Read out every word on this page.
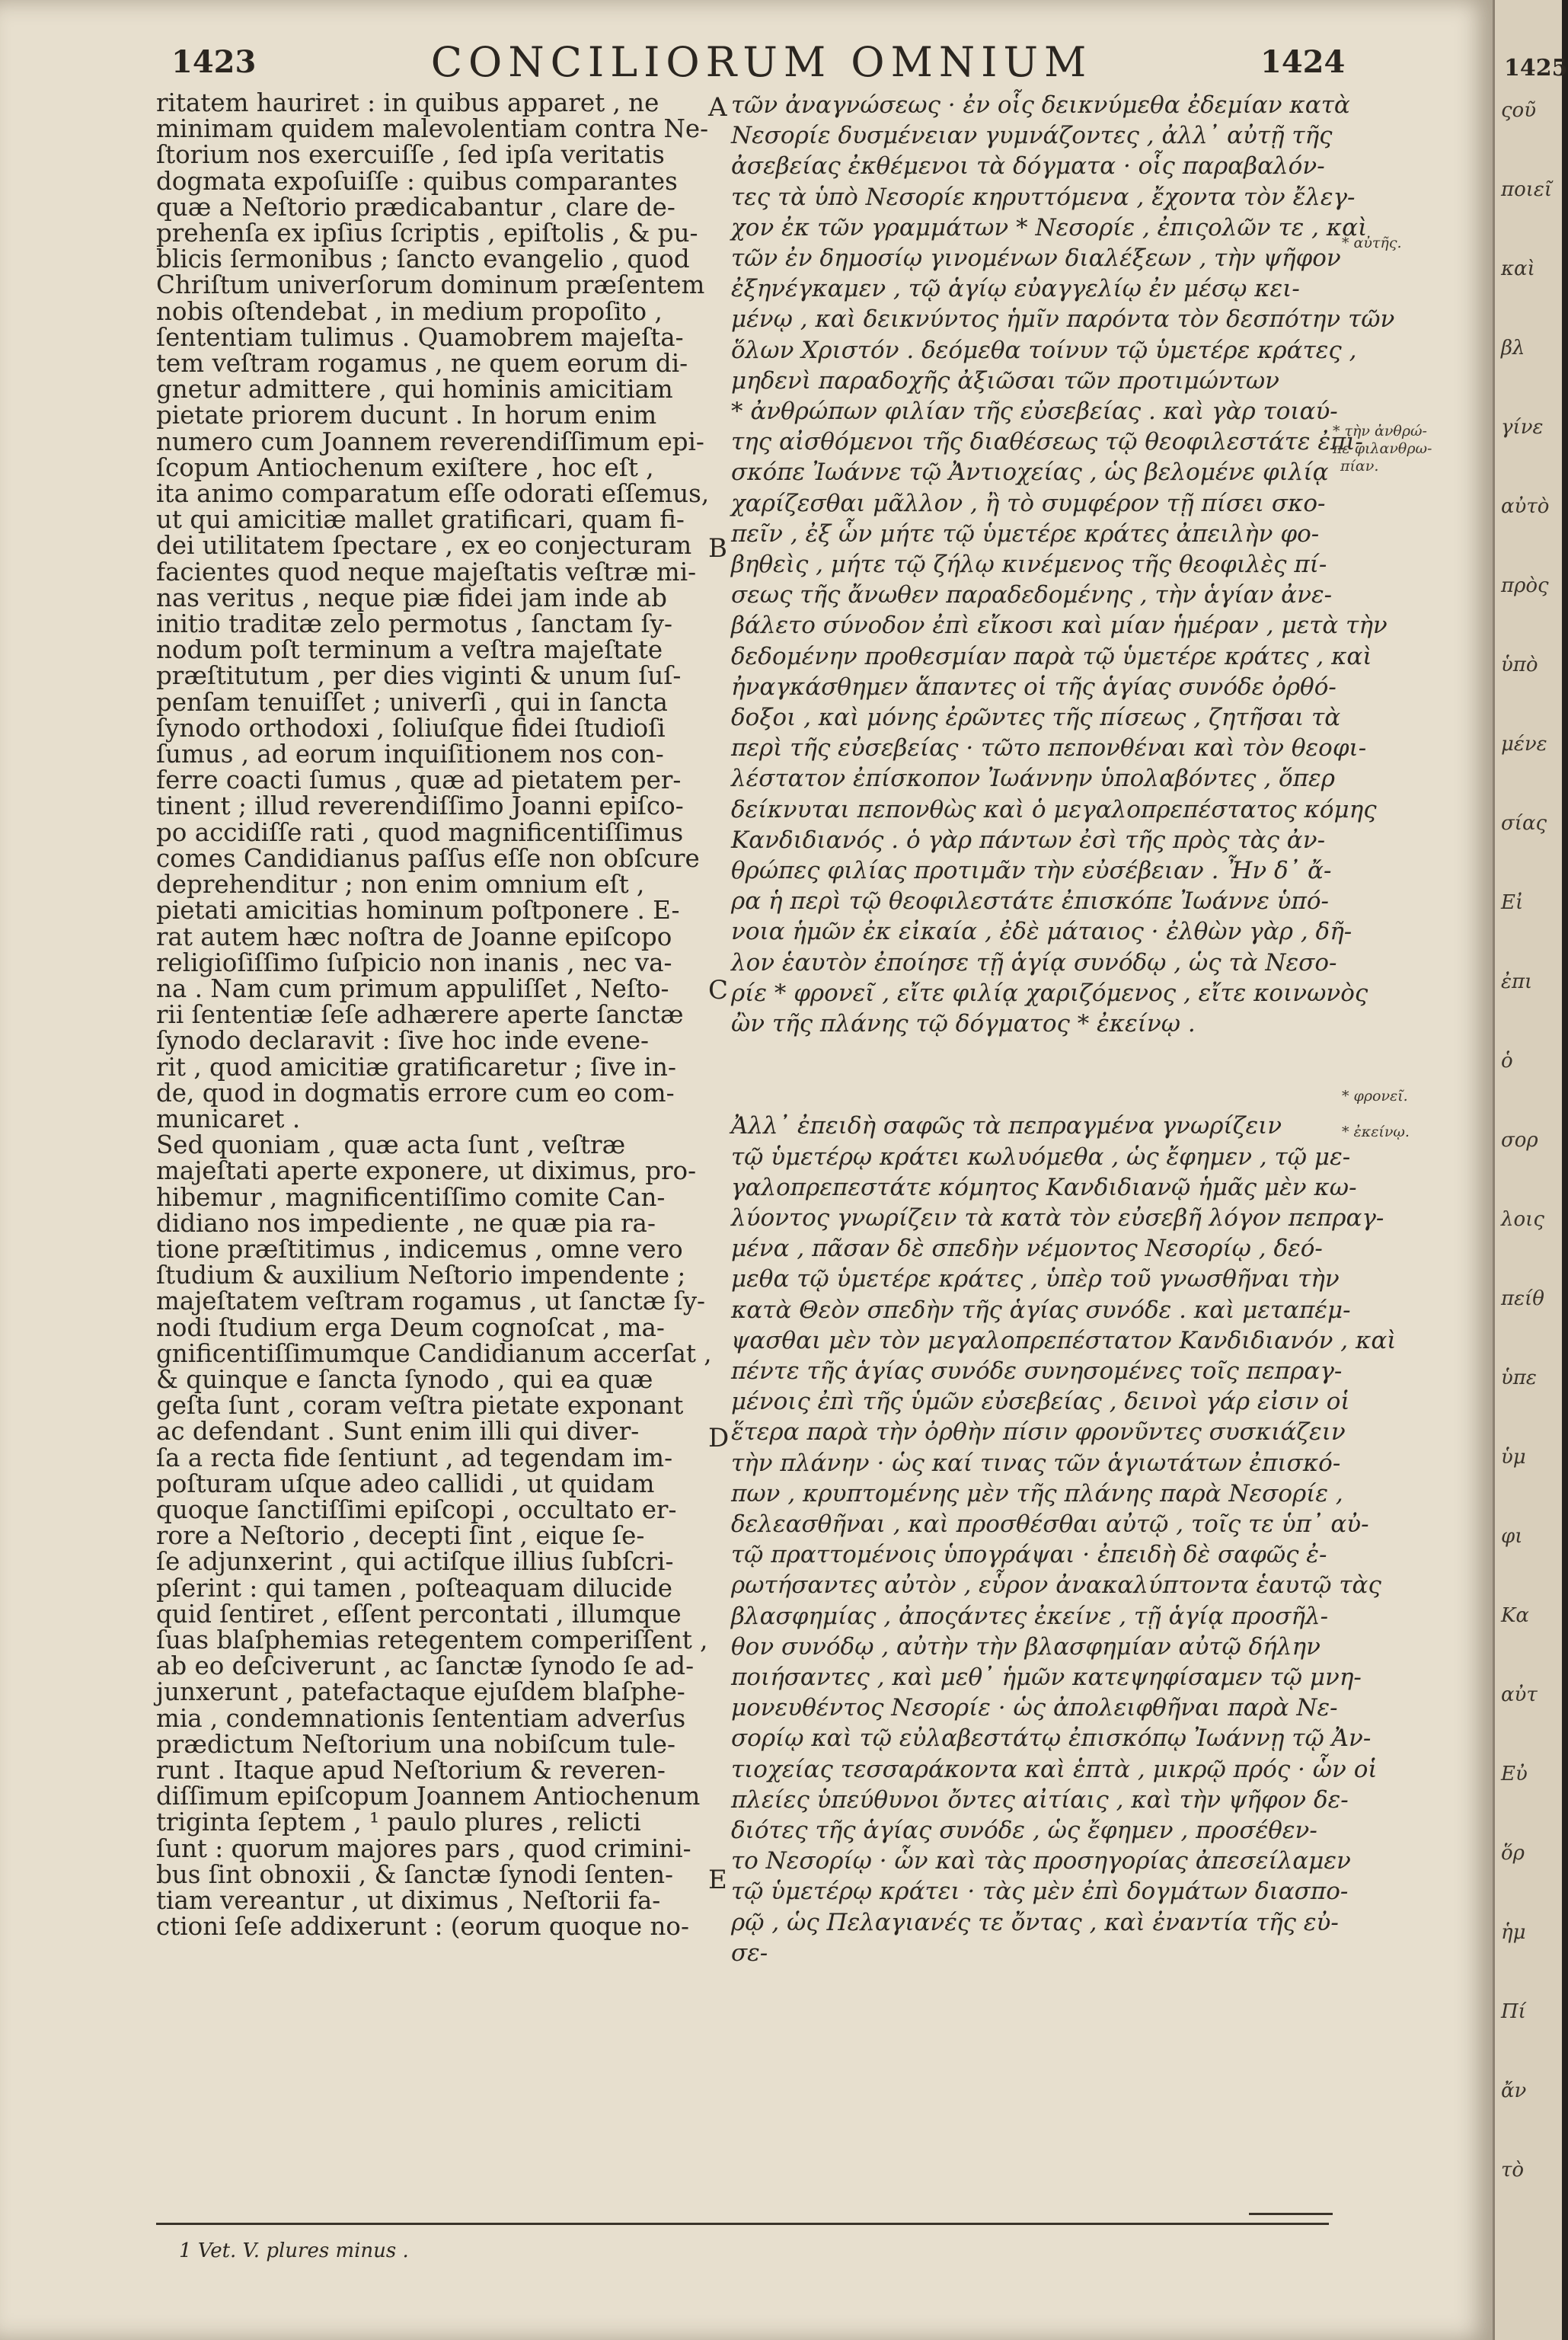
1423	CONCILIORUM OMNIUM	1424
ritatem hauriret : in quibus apparet , ne
minimam quidem malevolentiam contra Ne-
ſtorium nos exercuiſſe , ſed ipſa veritatis
dogmata expoſuiſſe : quibus comparantes
quæ a Neſtorio prædicabantur , clare de-
prehenſa ex ipſius ſcriptis , epiſtolis , & pu-
blicis ſermonibus ; ſancto evangelio , quod
Chriſtum univerſorum dominum præſentem
nobis oſtendebat , in medium propoſito ,
ſententiam tulimus . Quamobrem majeſta-
tem veſtram rogamus , ne quem eorum di-
gnetur admittere , qui hominis amicitiam
pietate priorem ducunt . In horum enim
numero cum Joannem reverendiſſimum epi-
ſcopum Antiochenum exiſtere , hoc eſt ,
ita animo comparatum eſſe odorati eſſemus,
ut qui amicitiæ mallet gratificari, quam fi-
dei utilitatem ſpectare , ex eo conjecturam
facientes quod neque majeſtatis veſtræ mi-
nas veritus , neque piæ fidei jam inde ab
initio traditæ zelo permotus , ſanctam ſy-
nodum poſt terminum a veſtra majeſtate
præſtitutum , per dies viginti & unum ſuſ-
penſam tenuiſſet ; univerſi , qui in ſancta
ſynodo orthodoxi , ſoliuſque fidei ſtudioſi
ſumus , ad eorum inquiſitionem nos con-
ferre coacti ſumus , quæ ad pietatem per-
tinent ; illud reverendiſſimo Joanni epiſco-
po accidiſſe rati , quod magnificentiſſimus
comes Candidianus paſſus eſſe non obſcure
deprehenditur ; non enim omnium eſt ,
pietati amicitias hominum poſtponere . E-
rat autem hæc noſtra de Joanne epiſcopo
religioſiſſimo ſuſpicio non inanis , nec va-
na . Nam cum primum appuliſſet , Neſto-
rii ſententiæ ſeſe adhærere aperte ſanctæ
ſynodo declaravit : ſive hoc inde evene-
rit , quod amicitiæ gratificaretur ; ſive in-
de, quod in dogmatis errore cum eo com-
municaret .
Sed quoniam , quæ acta ſunt , veſtræ
majeſtati aperte exponere, ut diximus, pro-
hibemur , magnificentiſſimo comite Can-
didiano nos impediente , ne quæ pia ra-
tione præſtitimus , indicemus , omne vero
ſtudium & auxilium Neſtorio impendente ;
majeſtatem veſtram rogamus , ut ſanctæ ſy-
nodi ſtudium erga Deum cognoſcat , ma-
gnificentiſſimumque Candidianum accerſat ,
& quinque e ſancta ſynodo , qui ea quæ
geſta ſunt , coram veſtra pietate exponant
ac defendant . Sunt enim illi qui diver-
ſa a recta fide ſentiunt , ad tegendam im-
poſturam uſque adeo callidi , ut quidam
quoque ſanctiſſimi epiſcopi , occultato er-
rore a Neſtorio , decepti ſint , eique ſe-
ſe adjunxerint , qui actiſque illius ſubſcri-
pſerint : qui tamen , poſteaquam dilucide
quid ſentiret , eſſent percontati , illumque
ſuas blaſphemias retegentem comperiſſent ,
ab eo deſciverunt , ac ſanctæ ſynodo ſe ad-
junxerunt , patefactaque ejuſdem blaſphe-
mia , condemnationis ſententiam adverſus
prædictum Neſtorium una nobiſcum tule-
runt . Itaque apud Neſtorium & reveren-
diſſimum epiſcopum Joannem Antiochenum
triginta ſeptem , ¹ paulo plures , relicti
ſunt : quorum majores pars , quod crimini-
bus ſint obnoxii , & ſanctæ ſynodi ſenten-
tiam vereantur , ut diximus , Neſtorii fa-
ctioni ſeſe addixerunt : (eorum quoque no-
τῶν ἀναγνώσεως · ἐν οἷς δεικνύμεθα ἐδεμίαν κατὰ
Νεσορίε δυσμένειαν γυμνάζοντες , ἀλλ᾽ αὐτῇ τῆς
ἀσεβείας ἐκθέμενοι τὰ δόγματα · οἷς παραβαλόν-
τες τὰ ὑπὸ Νεσορίε κηρυττόμενα , ἔχοντα τὸν ἔλεγ-
χον ἐκ τῶν γραμμάτων * Νεσορίε , ἐπιςολῶν τε , καὶ
τῶν ἐν δημοσίῳ γινομένων διαλέξεων , τὴν ψῆφον
ἐξηνέγκαμεν , τῷ ἁγίῳ εὐαγγελίῳ ἐν μέσῳ κει-
μένῳ , καὶ δεικνύντος ἡμῖν παρόντα τὸν δεσπότην τῶν
ὅλων Χριστόν . δεόμεθα τοίνυν τῷ ὑμετέρε κράτες ,
μηδενὶ παραδοχῆς ἀξιῶσαι τῶν προτιμώντων
* ἀνθρώπων φιλίαν τῆς εὐσεβείας . καὶ γὰρ τοιαύ-
της αἰσθόμενοι τῆς διαθέσεως τῷ θεοφιλεστάτε ἐπι-
σκόπε Ἰωάννε τῷ Ἀντιοχείας , ὡς βελομένε φιλίᾳ
χαρίζεσθαι μᾶλλον , ἢ τὸ συμφέρον τῇ πίσει σκο-
πεῖν , ἐξ ὧν μήτε τῷ ὑμετέρε κράτες ἀπειλὴν φο-
βηθεὶς , μήτε τῷ ζήλῳ κινέμενος τῆς θεοφιλὲς πί-
σεως τῆς ἄνωθεν παραδεδομένης , τὴν ἁγίαν ἀνε-
βάλετο σύνοδον ἐπὶ εἴκοσι καὶ μίαν ἡμέραν , μετὰ τὴν
δεδομένην προθεσμίαν παρὰ τῷ ὑμετέρε κράτες , καὶ
ἠναγκάσθημεν ἅπαντες οἱ τῆς ἁγίας συνόδε ὀρθό-
δοξοι , καὶ μόνης ἐρῶντες τῆς πίσεως , ζητῆσαι τὰ
περὶ τῆς εὐσεβείας · τῶτο πεπονθέναι καὶ τὸν θεοφι-
λέστατον ἐπίσκοπον Ἰωάννην ὑπολαβόντες , ὅπερ
δείκνυται πεπονθὼς καὶ ὁ μεγαλοπρεπέστατος κόμης
Κανδιδιανός . ὁ γὰρ πάντων ἐσὶ τῆς πρὸς τὰς ἀν-
θρώπες φιλίας προτιμᾶν τὴν εὐσέβειαν . Ἦν δ᾽ ἄ-
ρα ἡ περὶ τῷ θεοφιλεστάτε ἐπισκόπε Ἰωάννε ὑπό-
νοια ἡμῶν ἐκ εἰκαία , ἐδὲ μάταιος · ἐλθὼν γὰρ , δῆ-
λον ἑαυτὸν ἐποίησε τῇ ἁγίᾳ συνόδῳ , ὡς τὰ Νεσο-
ρίε * φρονεῖ , εἴτε φιλίᾳ χαριζόμενος , εἴτε κοινωνὸς
ὢν τῆς πλάνης τῷ δόγματος * ἐκείνῳ .
Ἀλλ᾽ ἐπειδὴ σαφῶς τὰ πεπραγμένα γνωρίζειν
τῷ ὑμετέρῳ κράτει κωλυόμεθα , ὡς ἔφημεν , τῷ με-
γαλοπρεπεστάτε κόμητος Κανδιδιανῷ ἡμᾶς μὲν κω-
λύοντος γνωρίζειν τὰ κατὰ τὸν εὐσεβῆ λόγον πεπραγ-
μένα , πᾶσαν δὲ σπεδὴν νέμοντος Νεσορίῳ , δεό-
μεθα τῷ ὑμετέρε κράτες , ὑπὲρ τοῦ γνωσθῆναι τὴν
κατὰ Θεὸν σπεδὴν τῆς ἁγίας συνόδε . καὶ μεταπέμ-
ψασθαι μὲν τὸν μεγαλοπρεπέστατον Κανδιδιανόν , καὶ
πέντε τῆς ἁγίας συνόδε συνησομένες τοῖς πεπραγ-
μένοις ἐπὶ τῆς ὑμῶν εὐσεβείας , δεινοὶ γάρ εἰσιν οἱ
ἕτερα παρὰ τὴν ὀρθὴν πίσιν φρονῦντες συσκιάζειν
τὴν πλάνην · ὡς καί τινας τῶν ἁγιωτάτων ἐπισκό-
πων , κρυπτομένης μὲν τῆς πλάνης παρὰ Νεσορίε ,
δελεασθῆναι , καὶ προσθέσθαι αὐτῷ , τοῖς τε ὑπ᾽ αὐ-
τῷ πραττομένοις ὑπογράψαι · ἐπειδὴ δὲ σαφῶς ἐ-
ρωτήσαντες αὐτὸν , εὗρον ἀνακαλύπτοντα ἑαυτῷ τὰς
βλασφημίας , ἀποςάντες ἐκείνε , τῇ ἁγίᾳ προσῆλ-
θον συνόδῳ , αὐτὴν τὴν βλασφημίαν αὐτῷ δήλην
ποιήσαντες , καὶ μεθ᾽ ἡμῶν κατεψηφίσαμεν τῷ μνη-
μονευθέντος Νεσορίε · ὡς ἀπολειφθῆναι παρὰ Νε-
σορίῳ καὶ τῷ εὐλαβεστάτῳ ἐπισκόπῳ Ἰωάννῃ τῷ Ἀν-
τιοχείας τεσσαράκοντα καὶ ἑπτὰ , μικρῷ πρός · ὧν οἱ
πλείες ὑπεύθυνοι ὄντες αἰτίαις , καὶ τὴν ψῆφον δε-
διότες τῆς ἁγίας συνόδε , ὡς ἔφημεν , προσέθεν-
το Νεσορίῳ · ὧν καὶ τὰς προσηγορίας ἀπεσείλαμεν
τῷ ὑμετέρῳ κράτει · τὰς μὲν ἐπὶ δογμάτων διασπο-
ρῷ , ὡς Πελαγιανές τε ὄντας , καὶ ἐναντία τῆς εὐ-
σε-
A
B
C
D
E
* αὐτῆς.
* τὴν ἀνθρώ-
πε φιλανθρω-
πίαν.
* φρονεῖ.
* ἐκείνῳ.
1 Vet. V. plures minus .
1425
ςοῦ
ποιεῖ
καὶ
βλ
γίνε
αὐτὸ
πρὸς
ὑπὸ
μένε
σίας
Εἰ
ἐπι
ὁ
σορ
λοις
πείθ
ὑπε
ὑμ
φι
Κα
αὐτ
Εὐ
ὅρ
ἡμ
Πί
ἄν
τὸ
